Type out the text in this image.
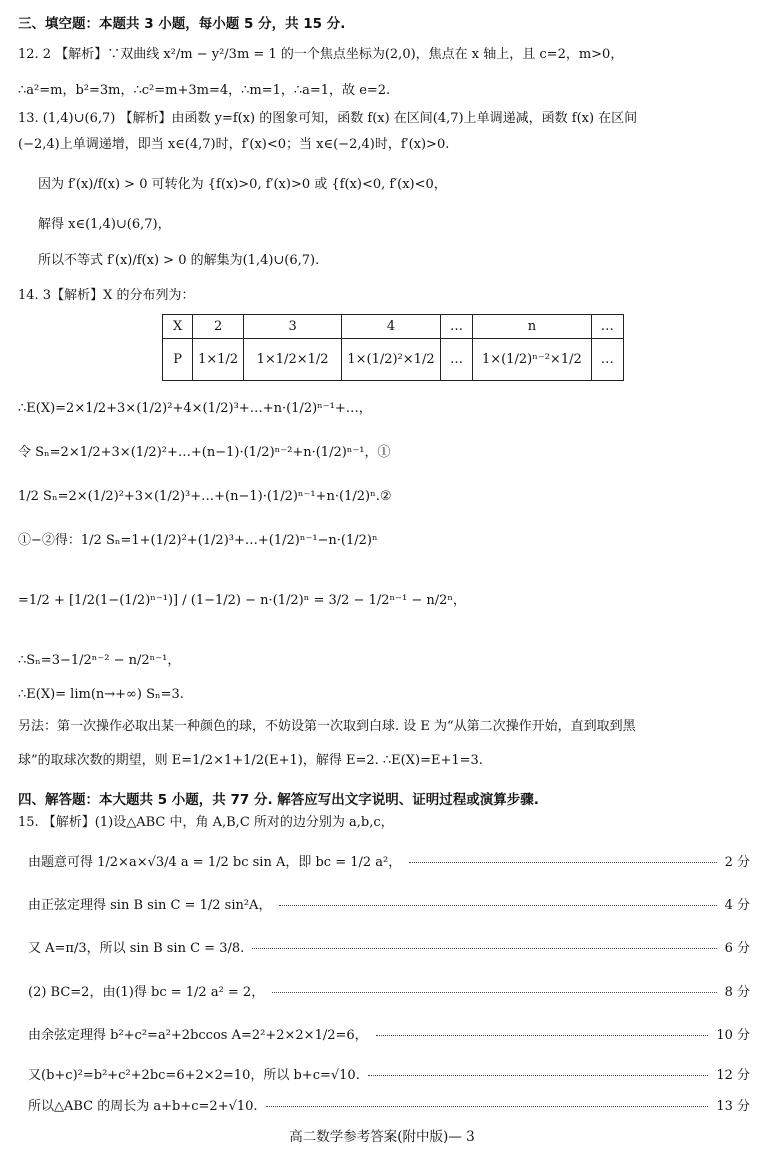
三、填空题：本题共 3 小题，每小题 5 分，共 15 分.
12. 2 【解析】∵双曲线 x²/m − y²/3m = 1 的一个焦点坐标为(2,0)，焦点在 x 轴上，且 c=2，m>0，
∴a²=m，b²=3m，∴c²=m+3m=4，∴m=1，∴a=1，故 e=2.
13. (1,4)∪(6,7) 【解析】由函数 y=f(x) 的图象可知，函数 f(x) 在区间(4,7)上单调递减，函数 f(x) 在区间
(−2,4)上单调递增，即当 x∈(4,7)时，f′(x)<0；当 x∈(−2,4)时，f′(x)>0.
因为 f′(x)/f(x) > 0 可转化为 {f(x)>0, f′(x)>0 或 {f(x)<0, f′(x)<0，
解得 x∈(1,4)∪(6,7)，
所以不等式 f′(x)/f(x) > 0 的解集为(1,4)∪(6,7).
14. 3【解析】X 的分布列为：
X	2	3	4	…	n	…
P	1×1/2	1×1/2×1/2	1×(1/2)²×1/2	…	1×(1/2)ⁿ⁻²×1/2	…
∴E(X)=2×1/2+3×(1/2)²+4×(1/2)³+…+n·(1/2)ⁿ⁻¹+…，
令 Sₙ=2×1/2+3×(1/2)²+…+(n−1)·(1/2)ⁿ⁻²+n·(1/2)ⁿ⁻¹，①
1/2 Sₙ=2×(1/2)²+3×(1/2)³+…+(n−1)·(1/2)ⁿ⁻¹+n·(1/2)ⁿ.②
①−②得：1/2 Sₙ=1+(1/2)²+(1/2)³+…+(1/2)ⁿ⁻¹−n·(1/2)ⁿ
=1/2 + [1/2(1−(1/2)ⁿ⁻¹)] / (1−1/2) − n·(1/2)ⁿ = 3/2 − 1/2ⁿ⁻¹ − n/2ⁿ，
∴Sₙ=3−1/2ⁿ⁻² − n/2ⁿ⁻¹，
∴E(X)= lim(n→+∞) Sₙ=3.
另法：第一次操作必取出某一种颜色的球，不妨设第一次取到白球. 设 E 为“从第二次操作开始，直到取到黑
球”的取球次数的期望，则 E=1/2×1+1/2(E+1)，解得 E=2. ∴E(X)=E+1=3.
四、解答题：本大题共 5 小题，共 77 分. 解答应写出文字说明、证明过程或演算步骤.
15. 【解析】(1)设△ABC 中，角 A,B,C 所对的边分别为 a,b,c，
由题意可得 1/2×a×√3/4 a = 1/2 bc sin A，即 bc = 1/2 a²，	2 分
由正弦定理得 sin B sin C = 1/2 sin²A，	4 分
又 A=π/3，所以 sin B sin C = 3/8.	6 分
(2) BC=2，由(1)得 bc = 1/2 a² = 2，	8 分
由余弦定理得 b²+c²=a²+2bccos A=2²+2×2×1/2=6，	10 分
又(b+c)²=b²+c²+2bc=6+2×2=10，所以 b+c=√10.	12 分
所以△ABC 的周长为 a+b+c=2+√10.	13 分
高二数学参考答案(附中版)— 3
